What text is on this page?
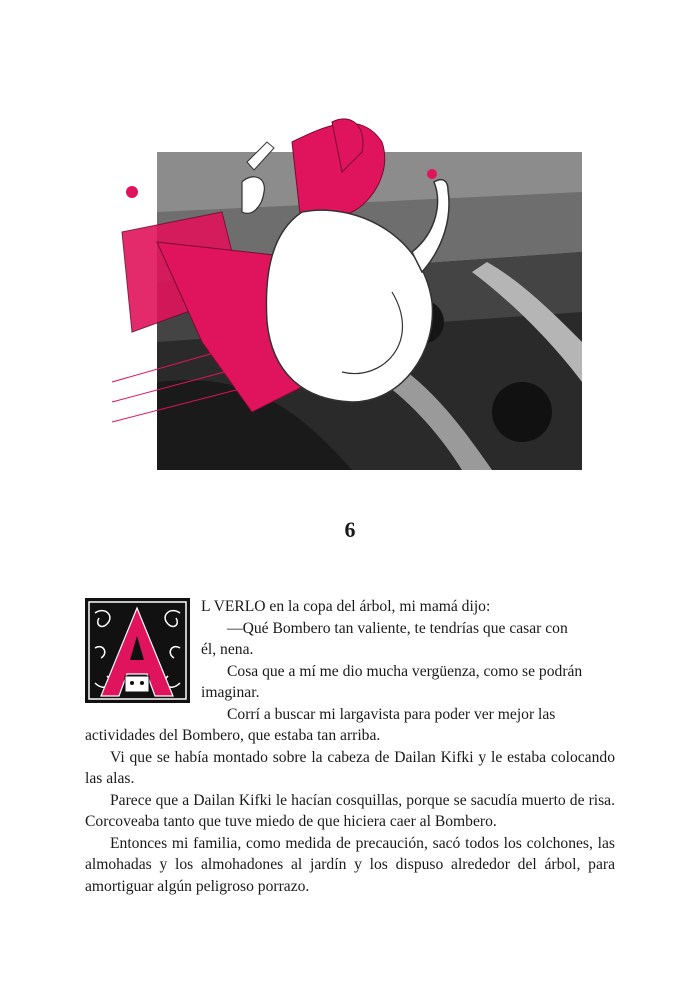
6

L VERLO en la copa del árbol, mi mamá dijo:

—Qué Bombero tan valiente, te tendrías que casar con

él, nena.

Cosa que a mí me dio mucha vergüenza, como se podrán

imaginar.

Corrí a buscar mi largavista para poder ver mejor las

actividades del Bombero, que estaba tan arriba.

Vi que se había montado sobre la cabeza de Dailan Kifki y le estaba colocando las alas.

Parece que a Dailan Kifki le hacían cosquillas, porque se sacudía muerto de risa. Corcoveaba tanto que tuve miedo de que hiciera caer al Bombero.

Entonces mi familia, como medida de precaución, sacó todos los colchones, las almohadas y los almohadones al jardín y los dispuso alrededor del árbol, para amortiguar algún peligroso porrazo.
